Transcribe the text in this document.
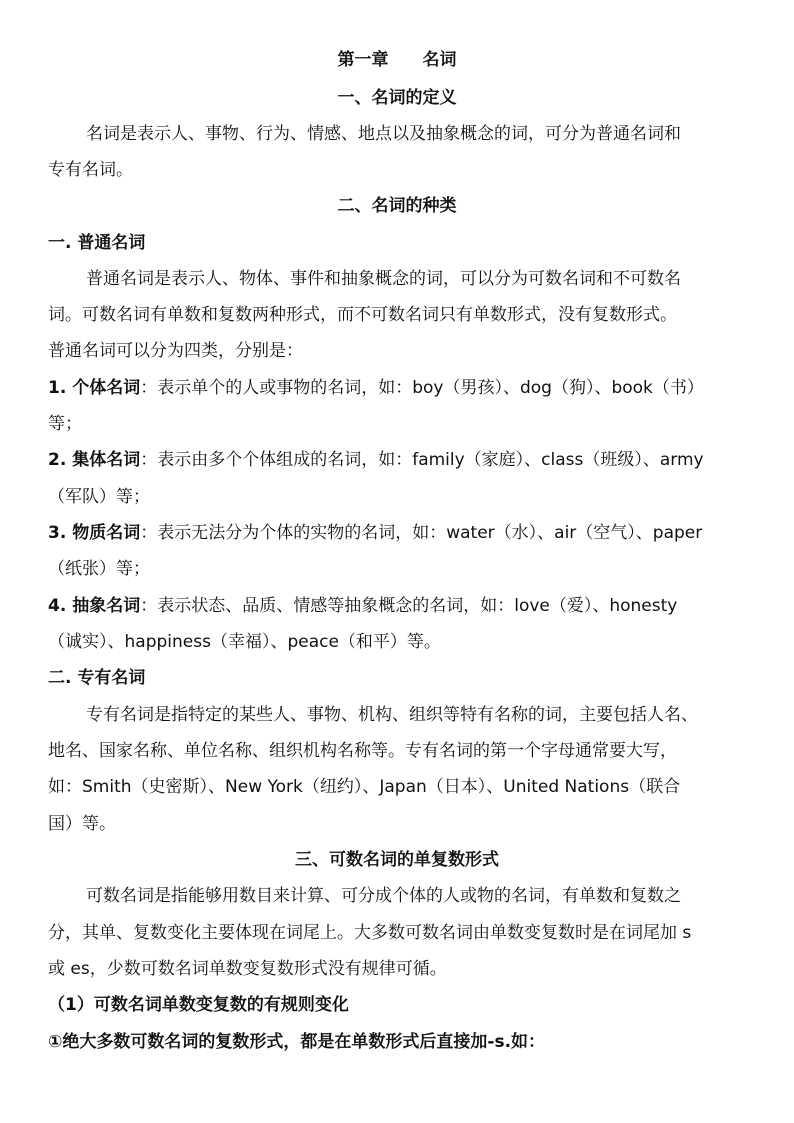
第一章　　名词
一、名词的定义
名词是表示人、事物、行为、情感、地点以及抽象概念的词，可分为普通名词和
专有名词。
二、名词的种类
一. 普通名词
普通名词是表示人、物体、事件和抽象概念的词，可以分为可数名词和不可数名
词。可数名词有单数和复数两种形式，而不可数名词只有单数形式，没有复数形式。
普通名词可以分为四类，分别是：
1. 个体名词：表示单个的人或事物的名词，如：boy（男孩）、dog（狗）、book（书）
等；
2. 集体名词：表示由多个个体组成的名词，如：family（家庭）、class（班级）、army
（军队）等；
3. 物质名词：表示无法分为个体的实物的名词，如：water（水）、air（空气）、paper
（纸张）等；
4. 抽象名词：表示状态、品质、情感等抽象概念的名词，如：love（爱）、honesty
（诚实）、happiness（幸福）、peace（和平）等。
二. 专有名词
专有名词是指特定的某些人、事物、机构、组织等特有名称的词，主要包括人名、
地名、国家名称、单位名称、组织机构名称等。专有名词的第一个字母通常要大写，
如：Smith（史密斯）、New York（纽约）、Japan（日本）、United Nations（联合
国）等。
三、可数名词的单复数形式
可数名词是指能够用数目来计算、可分成个体的人或物的名词，有单数和复数之
分，其单、复数变化主要体现在词尾上。大多数可数名词由单数变复数时是在词尾加 s
或 es，少数可数名词单数变复数形式没有规律可循。
（1）可数名词单数变复数的有规则变化
①绝大多数可数名词的复数形式，都是在单数形式后直接加-s.如：
